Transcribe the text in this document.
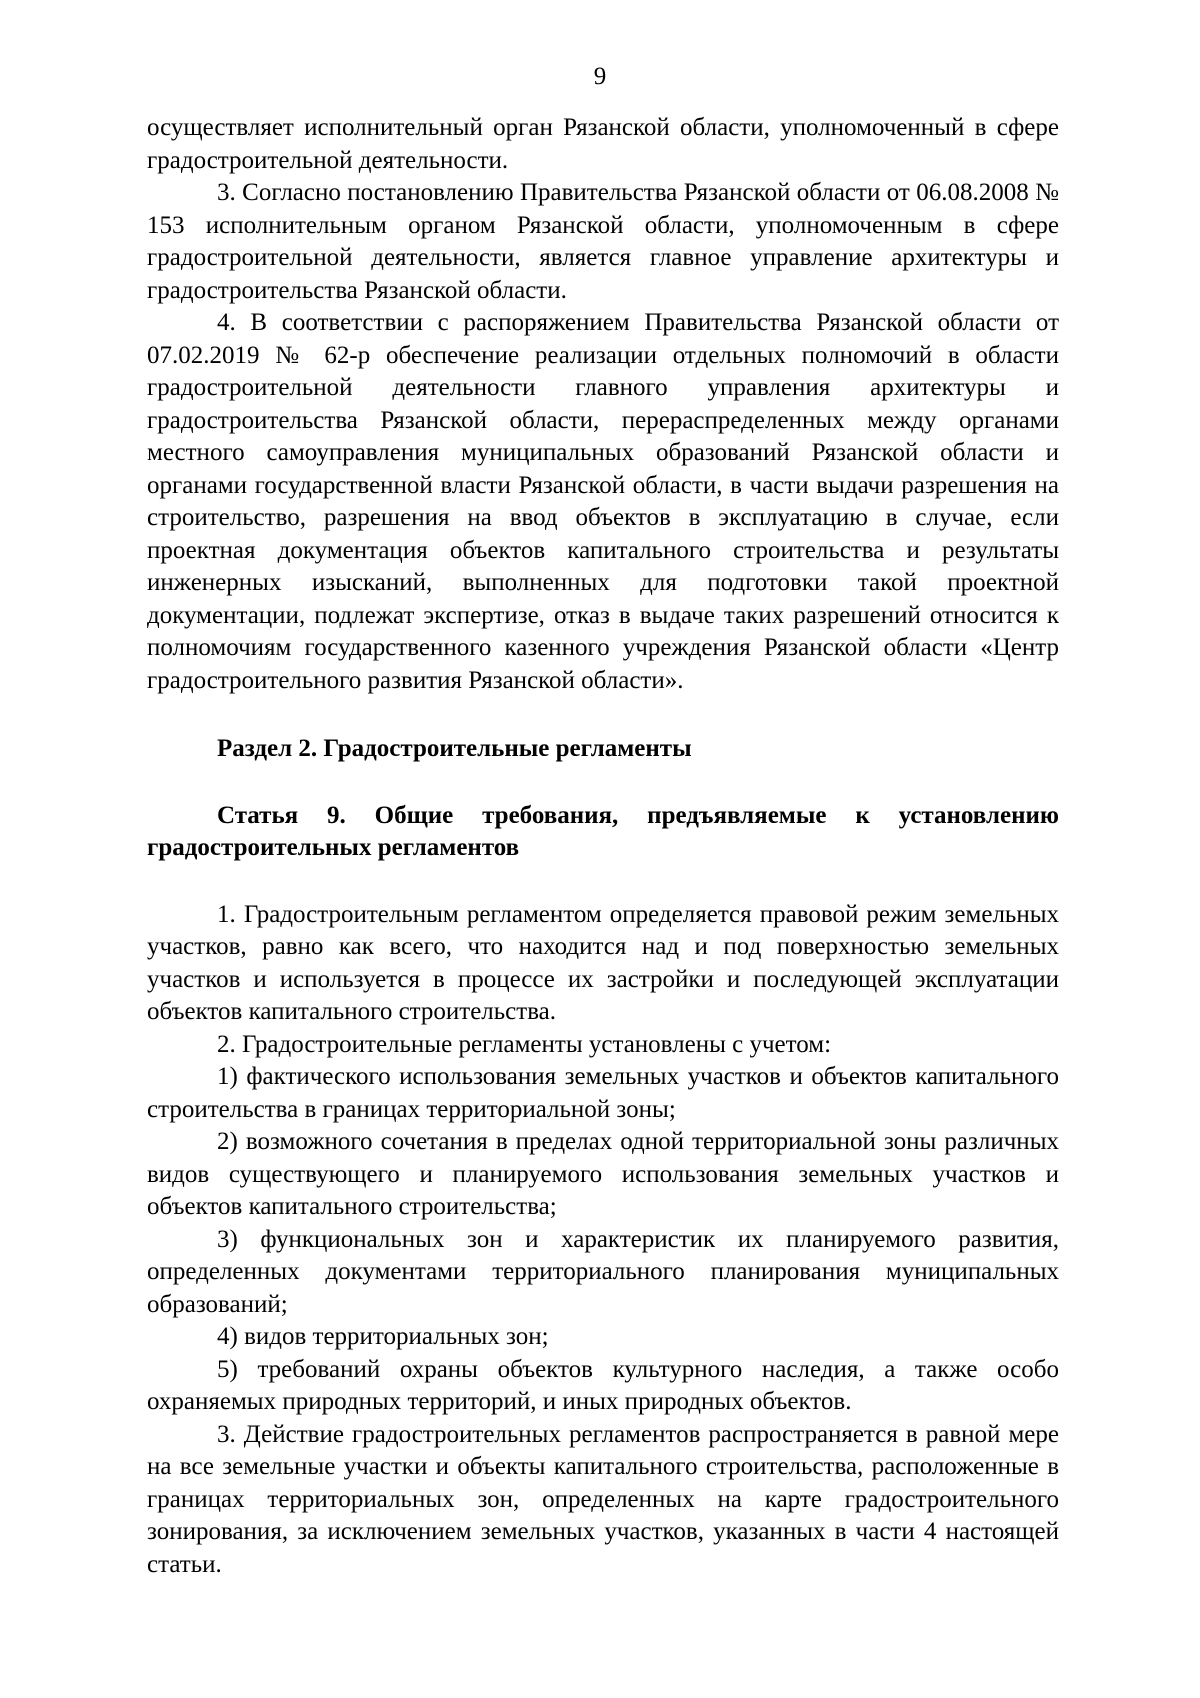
9

осуществляет исполнительный орган Рязанской области, уполномоченный в сфере градостроительной деятельности.

3. Согласно постановлению Правительства Рязанской области от 06.08.2008 № 153 исполнительным органом Рязанской области, уполномоченным в сфере градостроительной деятельности, является главное управление архитектуры и градостроительства Рязанской области.

4. В соответствии с распоряжением Правительства Рязанской области от 07.02.2019 № 62-р обеспечение реализации отдельных полномочий в области градостроительной деятельности главного управления архитектуры и градостроительства Рязанской области, перераспределенных между органами местного самоуправления муниципальных образований Рязанской области и органами государственной власти Рязанской области, в части выдачи разрешения на строительство, разрешения на ввод объектов в эксплуатацию в случае, если проектная документация объектов капитального строительства и результаты инженерных изысканий, выполненных для подготовки такой проектной документации, подлежат экспертизе, отказ в выдаче таких разрешений относится к полномочиям государственного казенного учреждения Рязанской области «Центр градостроительного развития Рязанской области».

Раздел 2. Градостроительные регламенты

Статья 9. Общие требования, предъявляемые к установлению градостроительных регламентов

1. Градостроительным регламентом определяется правовой режим земельных участков, равно как всего, что находится над и под поверхностью земельных участков и используется в процессе их застройки и последующей эксплуатации объектов капитального строительства.

2. Градостроительные регламенты установлены с учетом:

1) фактического использования земельных участков и объектов капитального строительства в границах территориальной зоны;

2) возможного сочетания в пределах одной территориальной зоны различных видов существующего и планируемого использования земельных участков и объектов капитального строительства;

3) функциональных зон и характеристик их планируемого развития, определенных документами территориального планирования муниципальных образований;

4) видов территориальных зон;

5) требований охраны объектов культурного наследия, а также особо охраняемых природных территорий, и иных природных объектов.

3. Действие градостроительных регламентов распространяется в равной мере на все земельные участки и объекты капитального строительства, расположенные в границах территориальных зон, определенных на карте градостроительного зонирования, за исключением земельных участков, указанных в части 4 настоящей статьи.
